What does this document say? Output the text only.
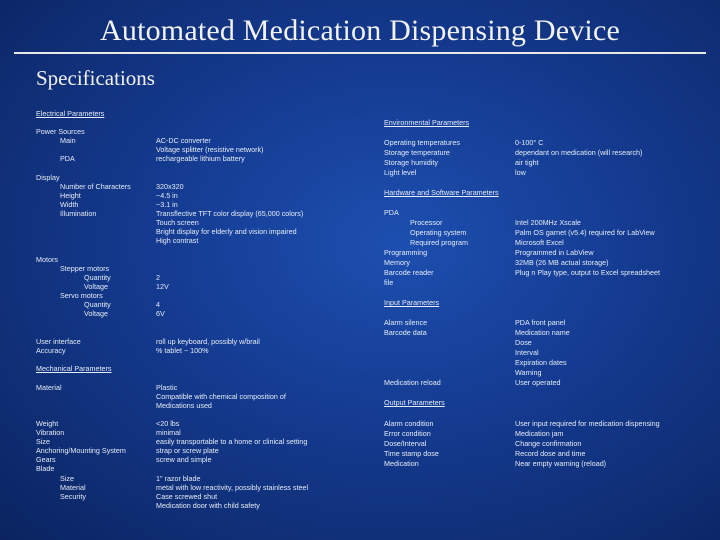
Automated Medication Dispensing Device
Specifications
Electrical Parameters
Power Sources
Main	AC-DC converter
Voltage splitter (resistive network)
PDA	rechargeable lithium battery
Display
Number of Characters	320x320
Height	~4.5 in
Width	~3.1 in
Illumination	Transflective TFT color display (65,000 colors)
Touch screen
Bright display for elderly and vision impaired
High contrast
Motors
Stepper motors
Quantity	2
Voltage	12V
Servo motors
Quantity	4
Voltage	6V
User interface	roll up keyboard, possibly w/brail
Accuracy	% tablet ~ 100%
Mechanical Parameters
Material	Plastic
Compatible with chemical composition of
Medications used
Weight	<20 lbs
Vibration	minimal
Size	easily transportable to a home or clinical setting
Anchoring/Mounting System	strap or screw plate
Gears	screw and simple
Blade
Size	1" razor blade
Material	metal with low reactivity, possibly stainless steel
Security	Case screwed shut
Medication door with child safety
Environmental Parameters
Operating temperatures	0-100° C
Storage temperature	dependant on medication (will research)
Storage humidity	air tight
Light level	low
Hardware and Software Parameters
PDA
Processor	Intel 200MHz Xscale
Operating system	Palm OS garnet (v5.4) required for LabView
Required program	Microsoft Excel
Programming	Programmed in LabView
Memory	32MB (26 MB actual storage)
Barcode reader	Plug n Play type, output to Excel spreadsheet
file
Input Parameters
Alarm silence	PDA front panel
Barcode data	Medication name
Dose
Interval
Expiration dates
Warning
Medication reload	User operated
Output Parameters
Alarm condition	User input required for medication dispensing
Error condition	Medication jam
Dose/Interval	Change confirmation
Time stamp dose	Record dose and time
Medication	Near empty warning (reload)
